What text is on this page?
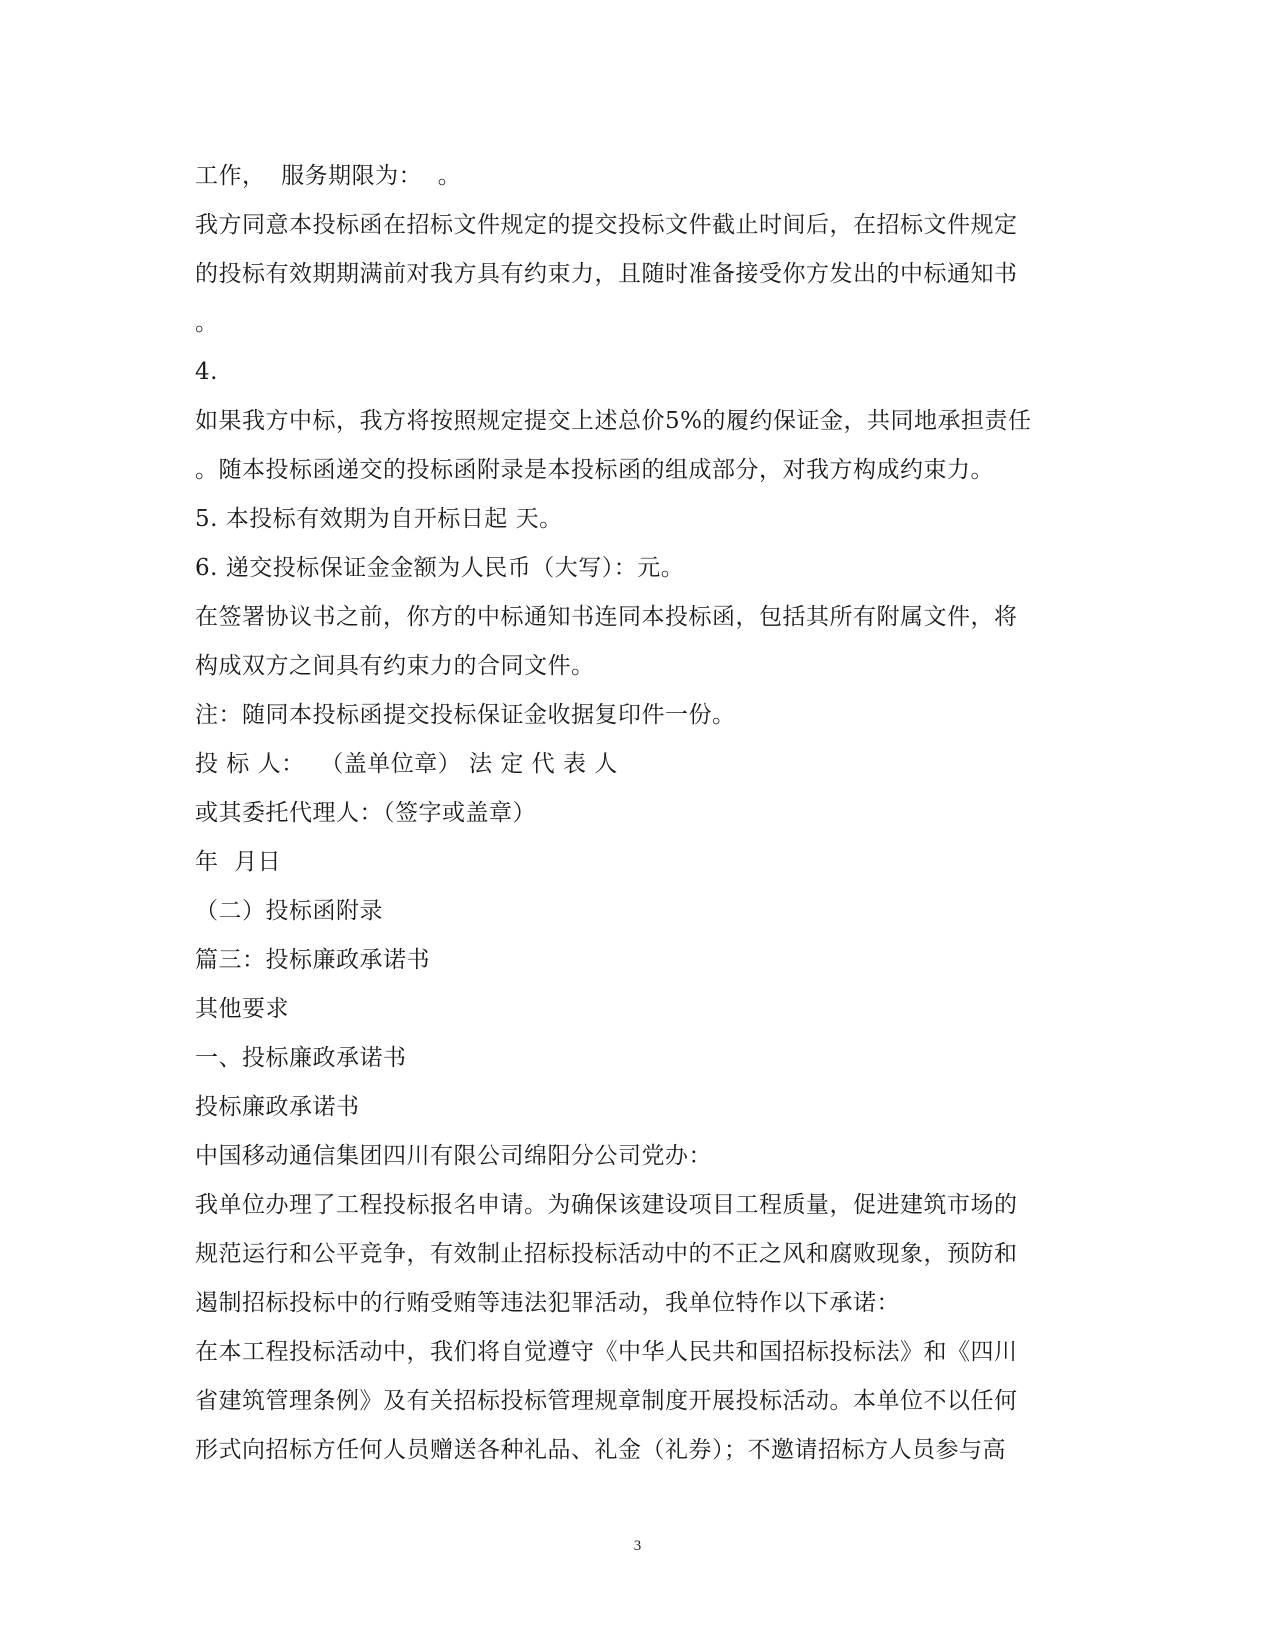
工作，  服务期限为：  。
我方同意本投标函在招标文件规定的提交投标文件截止时间后，在招标文件规定
的投标有效期期满前对我方具有约束力，且随时准备接受你方发出的中标通知书
。
4.
如果我方中标，我方将按照规定提交上述总价5%的履约保证金，共同地承担责任
。随本投标函递交的投标函附录是本投标函的组成部分，对我方构成约束力。
5. 本投标有效期为自开标日起 天。
6. 递交投标保证金金额为人民币（大写）：元。
在签署协议书之前，你方的中标通知书连同本投标函，包括其所有附属文件，将
构成双方之间具有约束力的合同文件。
注：随同本投标函提交投标保证金收据复印件一份。
投 标 人：  （盖单位章） 法 定 代 表 人
或其委托代理人：（签字或盖章）
年  月日
（二）投标函附录
篇三：投标廉政承诺书
其他要求
一、投标廉政承诺书
投标廉政承诺书
中国移动通信集团四川有限公司绵阳分公司党办：
我单位办理了工程投标报名申请。为确保该建设项目工程质量，促进建筑市场的
规范运行和公平竞争，有效制止招标投标活动中的不正之风和腐败现象，预防和
遏制招标投标中的行贿受贿等违法犯罪活动，我单位特作以下承诺：
在本工程投标活动中，我们将自觉遵守《中华人民共和国招标投标法》和《四川
省建筑管理条例》及有关招标投标管理规章制度开展投标活动。本单位不以任何
形式向招标方任何人员赠送各种礼品、礼金（礼券）；不邀请招标方人员参与高
3
